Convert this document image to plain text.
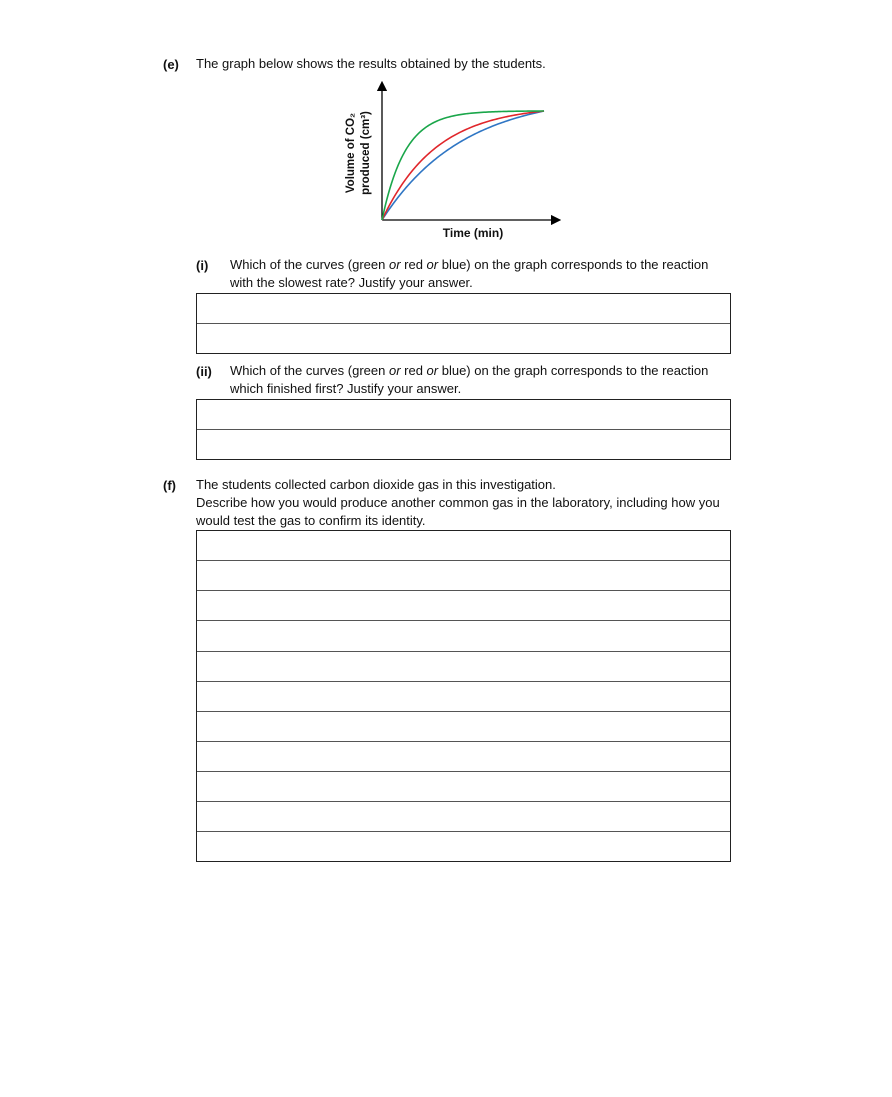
(e) The graph below shows the results obtained by the students.
Volume of CO₂ produced (cm³)
Time (min)
(i) Which of the curves (green or red or blue) on the graph corresponds to the reaction
with the slowest rate? Justify your answer.
(ii) Which of the curves (green or red or blue) on the graph corresponds to the reaction
which finished first? Justify your answer.
(f) The students collected carbon dioxide gas in this investigation.
Describe how you would produce another common gas in the laboratory, including how you
would test the gas to confirm its identity.
